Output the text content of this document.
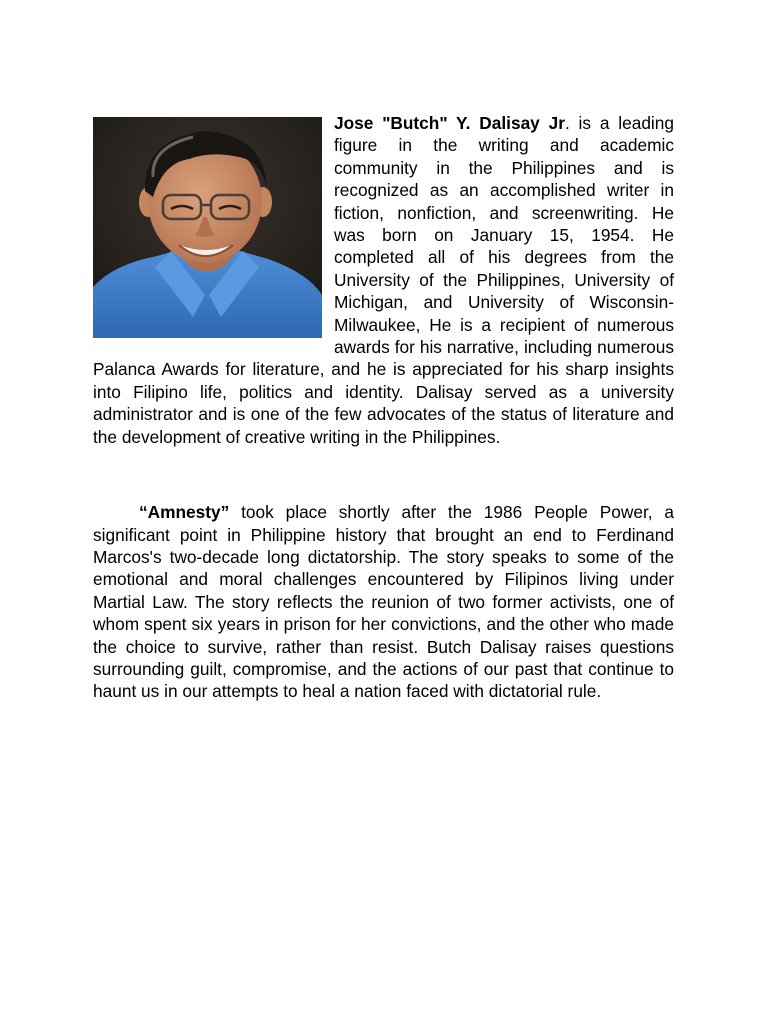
Jose "Butch" Y. Dalisay Jr. is a leading figure in the writing and academic community in the Philippines and is recognized as an accomplished writer in fiction, nonfiction, and screenwriting. He was born on January 15, 1954. He completed all of his degrees from the University of the Philippines, University of Michigan, and University of Wisconsin-Milwaukee, He is a recipient of numerous awards for his narrative, including numerous Palanca Awards for literature, and he is appreciated for his sharp insights into Filipino life, politics and identity. Dalisay served as a university administrator and is one of the few advocates of the status of literature and the development of creative writing in the Philippines.

“Amnesty” took place shortly after the 1986 People Power, a significant point in Philippine history that brought an end to Ferdinand Marcos's two-decade long dictatorship. The story speaks to some of the emotional and moral challenges encountered by Filipinos living under Martial Law. The story reflects the reunion of two former activists, one of whom spent six years in prison for her convictions, and the other who made the choice to survive, rather than resist. Butch Dalisay raises questions surrounding guilt, compromise, and the actions of our past that continue to haunt us in our attempts to heal a nation faced with dictatorial rule.
